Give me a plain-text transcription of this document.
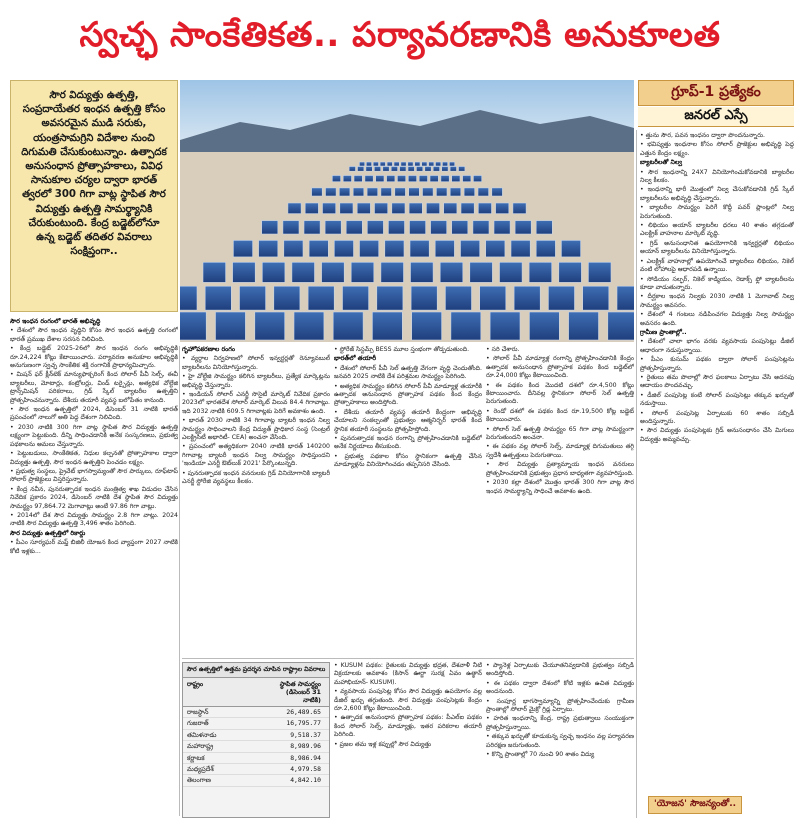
స్వచ్ఛ సాంకేతికత.. పర్యావరణానికి అనుకూలత
సౌర విద్యుత్తు ఉత్పత్తి, సంప్రదాయేతర ఇంధన ఉత్పత్తి కోసం అవసరమైన ముడి సరుకు, యంత్రసామగ్రిని విదేశాల నుంచి దిగుమతి చేసుకుంటున్నాం. ఉత్పాదక అనుసంధాన ప్రోత్సాహకాలు, వివిధ సానుకూల చర్యల ద్వారా భారత్‌ త్వరలో 300 గిగా వాట్ల స్థాపిత సౌర విద్యుత్తు ఉత్పత్తి సామర్థ్యానికి చేరుకుంటుంది. కేంద్ర బడ్జెట్‌లోనూ ఉన్న బడ్జెట్‌ తదితర వివరాలు సంక్షిప్తంగా..
గ్రూప్‌-1 ప్రత్యేకం
జనరల్‌ ఎస్సే

సౌర ఇంధన రంగంలో భారత్‌ అభివృద్ధి

• దేశంలో సౌర ఇంధన వృద్ధిని కోసం సౌర ఇంధన ఉత్పత్తి రంగంలో భారత్‌ ప్రముఖ దేశాల సరసన నిలిచింది.

• కేంద్ర బడ్జెట్‌ 2025-26లో సౌర ఇంధన రంగం అభివృద్ధికి రూ.24,224 కోట్లు కేటాయించారు. పర్యావరణ అనుకూల అభివృద్ధికి అనుగుణంగా స్వచ్ఛ సాంకేతిక శక్తి రంగానికి ప్రాధాన్యమిచ్చారు.

• మిషన్‌ ఫర్‌ క్లీన్‌టెక్‌ మాన్యుఫాక్చరింగ్‌ కింద సోలార్‌ పీవీ సెల్స్‌, ఈవీ బ్యాటరీలు, మోటార్లు, కంట్రోలర్లు, విండ్‌ టర్బైన్లు, అత్యధిక వోల్టేజి ట్రాన్స్‌మిషన్‌ పరికరాలు, గ్రిడ్‌ స్కేల్‌ బ్యాటరీల ఉత్పత్తిని ప్రోత్సహించనున్నారు. దేశీయ తయారీ వ్యవస్థ బలోపేతం కానుంది.

• సౌర ఇంధన ఉత్పత్తిలో 2024, డిసెంబర్‌ 31 నాటికి భారత్‌ ప్రపంచంలో నాలుగో అతి పెద్ద దేశంగా నిలిచింది.

• 2030 నాటికి 300 గిగా వాట్ల స్థాపిత సౌర విద్యుత్తు ఉత్పత్తి లక్ష్యంగా పెట్టుకుంది. దీన్ని సాధించడానికి అనేక సంస్కరణలు, ప్రభుత్వ పథకాలను అమలు చేస్తున్నారు.

• పెట్టుబడులు, సాంకేతికత, నిధుల కల్పనతో ప్రోత్సాహకాల ద్వారా విద్యుత్తు ఉత్పత్తి, సౌర ఇంధన ఉత్పత్తిని పెంచడం లక్ష్యం.

• ప్రభుత్వ సంస్థలు, ప్రైవేట్‌ భాగస్వామ్యంతో సౌర పార్కులు, రూఫ్‌టాప్‌ సోలార్‌ ప్రాజెక్టులు విస్తరిస్తున్నారు.

• కేంద్ర నవీన, పునరుత్పాదక ఇంధన మంత్రిత్వ శాఖ విడుదల చేసిన నివేదిక ప్రకారం 2024, డిసెంబర్‌ నాటికి దేశ స్థాపిత సౌర విద్యుత్తు సామర్థ్యం 97,864.72 మెగావాట్లు అంటే 97.86 గిగా వాట్లు.

• 2014లో దేశ సౌర విద్యుత్తు సామర్థ్యం 2.8 గిగా వాట్లు. 2024 నాటికి సౌర విద్యుత్తు ఉత్పత్తి 3,496 శాతం పెరిగింది.

సౌర విద్యుత్తు ఉత్పత్తిలో రికార్డు

• పీఎం సూర్యఘర్‌ మఫ్త్‌ బిజిలీ యోజన కింద వ్యాప్తంగా 2027 నాటికి కోటి ఇళ్లకు...

గృహోపకరణాల రంగం

• వ్యర్థాల నిర్వహణలో సోలార్‌ ఇన్వర్టర్లతో రెన్యూవబుల్‌ బ్యాటరీలను వినియోగిస్తున్నారు.

• హై వోల్టేజి సామర్థ్యం కలిగిన బ్యాటరీలు, ప్రత్యేక మార్కెట్లను అభివృద్ధి చేస్తున్నారు.

• ఇండియన్‌ సోలార్‌ ఎనర్జీ సొసైటీ మార్కెట్‌ నివేదిక ప్రకారం 2023లో భారతదేశ సోలార్‌ మార్కెట్‌ విలువ 84.4 గిగావాట్లు. ఇది 2032 నాటికి 609.5 గిగావాట్లకు పెరిగే అవకాశం ఉంది.

• భారత్‌ 2030 నాటికి 34 గిగావాట్ల బ్యాటరీ ఇంధన నిల్వ సామర్థ్యం సాధించాలని కేంద్ర విద్యుత్‌ ప్రాధికార సంస్థ (సెంట్రల్‌ ఎలక్ట్రిసిటీ అథారిటీ- CEA) అంచనా వేసింది.

• ప్రపంచంలో అత్యధికంగా 2040 నాటికి భారత్‌ 140200 గిగావాట్ల బ్యాటరీ ఇంధన నిల్వ సామర్థ్యం సాధిస్తుందని 'ఇండియా ఎనర్జీ ఔట్‌లుక్‌ 2021' పేర్కొంటున్నది.

• పునరుత్పాదక ఇంధన వనరులకు గ్రిడ్‌ వినియోగానికి బ్యాటరీ ఎనర్జీ స్టోరేజి వ్యవస్థలు కీలకం.

• స్టోరేజ్‌ సిస్టమ్స్‌ BESS మూల స్తంభంగా తోడ్పడుతుంది.

భారత్‌లో తయారీ

• దేశంలో సోలార్‌ పీవీ సెల్‌ ఉత్పత్తి వేగంగా వృద్ధి చెందుతోంది. జనవరి 2025 నాటికి దేశ పరిశ్రమల సామర్థ్యం పెరిగింది.

• అత్యధిక సామర్థ్యం కలిగిన సోలార్‌ పీవీ మాడ్యూళ్ల తయారీకి ఉత్పాదక అనుసంధాన ప్రోత్సాహక పథకం కింద కేంద్రం ప్రోత్సాహకాలు అందిస్తోంది.

• దేశీయ తయారీ వ్యవస్థ తయారీ కేంద్రంగా అభివృద్ధి చేయాలని సంకల్పంతో ప్రభుత్వం ఆత్మనిర్భర్‌ భారత్‌ కింద స్థానిక తయారీ సంస్థలను ప్రోత్సహిస్తోంది.

• పునరుత్పాదక ఇంధన రంగాన్ని ప్రోత్సహించడానికి బడ్జెట్‌లో అనేక నిర్ణయాలు తీసుకుంది.

• ప్రభుత్వ పథకాల కోసం స్థానికంగా ఉత్పత్తి చేసిన మాడ్యూళ్లను వినియోగించడం తప్పనిసరి చేసింది.

• సరి చేశారు.

• సోలార్‌ పీవీ మాడ్యూళ్ల రంగాన్ని ప్రోత్సహించడానికి కేంద్రం ఉత్పాదక అనుసంధాన ప్రోత్సాహక పథకం కింద బడ్జెట్‌లో రూ.24,000 కోట్లు కేటాయించింది.

• ఈ పథకం కింద మొదటి దశలో రూ.4,500 కోట్లు కేటాయించారు. దీనివల్ల స్థానికంగా సోలార్‌ సెల్‌ ఉత్పత్తి పెరుగుతుంది.

• రెండో దశలో ఈ పథకం కింద రూ.19,500 కోట్ల బడ్జెట్‌ కేటాయించారు.

• సోలార్‌ సెల్‌ ఉత్పత్తి సామర్థ్యం 65 గిగా వాట్ల సామర్థ్యంగా పెరుగుతుందని అంచనా.

• ఈ పథకం వల్ల సోలార్‌ సెల్స్‌, మాడ్యూళ్ల దిగుమతులు తగ్గి స్వదేశీ ఉత్పత్తులు పెరుగుతాయి.

• సౌర విద్యుత్తు ప్రత్యామ్నాయ ఇంధన వనరులు ప్రోత్సహించడానికి ప్రభుత్వం ప్రధాన బాధ్యతగా వ్యవహరిస్తుంది.

• 2030 కల్లా దేశంలో మొత్తం భారత్‌ 300 గిగా వాట్ల సౌర ఇంధన సామర్థ్యాన్ని సాధించే అవకాశం ఉంది.

సౌర ఉత్పత్తిలో ఉత్తమ ప్రదర్శన చూపిన రాష్ట్రాల వివరాలు
రాష్ట్రం	స్థాపిత సామర్థ్యం (డిసెంబర్‌ 31 నాటికి)
రాజస్థాన్‌	26,489.65
గుజరాత్‌	16,795.77
తమిళనాడు	9,518.37
మహారాష్ట్ర	8,989.96
కర్ణాటక	8,986.94
మధ్యప్రదేశ్‌	4,979.58
తెలంగాణ	4,842.10

• KUSUM పథకం: రైతులకు విద్యుత్తు భద్రత, దేశవాళీ నీటి విక్రయాలకు అవకాశం (కిసాన్‌ ఊర్జా సురక్ష ఏవం ఉత్థాన్‌ మహాభియాన్‌- KUSUM).

• వ్యవసాయ పంపుసెట్ల కోసం సౌర విద్యుత్తు ఉపయోగం వల్ల డీజిల్‌ ఖర్చు తగ్గుతుంది. సౌర విద్యుత్తు పంపుసెట్లకు కేంద్రం రూ.2,600 కోట్లు కేటాయించింది.

• ఉత్పాదక అనుసంధాన ప్రోత్సాహక పథకం: పీఎల్‌ఐ పథకం కింద సోలార్‌ సెల్స్‌, మాడ్యూళ్లు, ఇతర పరికరాల తయారీ పెరిగింది.

• ప్రజల తమ ఇళ్ల కప్పుల్లో సౌర విద్యుత్తు

• ప్యానెళ్ల ఏర్పాటుకు చేయూతనివ్వడానికి ప్రభుత్వం సబ్సిడీ అందిస్తోంది.

• ఈ పథకం ద్వారా దేశంలో కోటి ఇళ్లకు ఉచిత విద్యుత్తు అందనుంది.

• సంపూర్ణ భాగస్వామ్యాన్ని ప్రోత్సహించేందుకు గ్రామీణ ప్రాంతాల్లో సోలార్‌ మైక్రో గ్రిడ్ల ఏర్పాటు.

• హరిత ఇంధనాన్ని కేంద్ర, రాష్ట్ర ప్రభుత్వాలు సంయుక్తంగా ప్రోత్సహిస్తున్నాయి.

• తక్కువ ఖర్చుతో కూడుకున్న స్వచ్ఛ ఇంధనం వల్ల పర్యావరణ పరిరక్షణ జరుగుతుంది.

• కొన్ని ప్రాంతాల్లో 70 నుంచి 90 శాతం విద్యు

• త్తును సౌర, పవన ఇంధనం ద్వారా పొందనున్నారు.

• భవిష్యత్తు ఇంధనాల కోసం సోలార్‌ ప్రాజెక్టుల అభివృద్ధి పెద్ద ఎత్తున కేంద్రం లక్ష్యం.

బ్యాటరీలతో నిల్వ

• సౌర ఇంధనాన్ని 24X7 వినియోగించుకోవడానికి బ్యాటరీల నిల్వ కీలకం.

• ఇంధనాన్ని భారీ మొత్తంలో నిల్వ చేసుకోవడానికి గ్రిడ్‌ స్కేల్‌ బ్యాటరీలను అభివృద్ధి చేస్తున్నారు.

• బ్యాటరీల సామర్థ్యం పెరిగే కొద్దీ పవర్‌ ప్లాంట్లలో నిల్వ పెరుగుతుంది.

• లిథియం అయాన్‌ బ్యాటరీల ధరలు 40 శాతం తగ్గడంతో ఎలక్ట్రిక్‌ వాహనాల మార్కెట్‌ వృద్ధి.

• గ్రిడ్‌ అనుసంధానిత ఉపయోగానికి ఇన్వర్టర్లతో లిథియం అయాన్‌ బ్యాటరీలను వినియోగిస్తున్నారు.

• ఎలక్ట్రిక్‌ వాహనాల్లో ఉపయోగించే బ్యాటరీలు లిథియం, నికెల్‌ వంటి లోహాలపై ఆధారపడి ఉన్నాయి.

• సోడియం సల్ఫర్‌, నికెల్‌ కాడ్మియం, రెడాక్స్‌ ఫ్లో బ్యాటరీలను కూడా వాడుతున్నారు.

• దీర్ఘకాల ఇంధన నిల్వకు 2030 నాటికి 1 మెగావాట్‌ నిల్వ సామర్థ్యం అవసరం.

• దేశంలో 4 గంటలు నడిపించగల విద్యుత్తు నిల్వ సామర్థ్యం అవసరం ఉంది.

గ్రామీణ ప్రాంతాల్లో..

• దేశంలో చాలా భాగం వరకు వ్యవసాయ పంపుసెట్లు డీజిల్‌ ఆధారంగా నడుస్తున్నాయి.

• పీఎం కుసుమ్‌ పథకం ద్వారా సోలార్‌ పంపుసెట్లను ప్రోత్సహిస్తున్నారు.

• రైతులు తమ పొలాల్లో సౌర ఫలకాలు ఏర్పాటు చేసి అదనపు ఆదాయం పొందవచ్చు.

• డీజిల్‌ పంపుసెట్ల కంటే సోలార్‌ పంపుసెట్లు తక్కువ ఖర్చుతో నడుస్తాయి.

• సోలార్‌ పంపుసెట్ల ఏర్పాటుకు 60 శాతం సబ్సిడీ అందిస్తున్నారు.

• సౌర విద్యుత్తు పంపుసెట్లకు గ్రిడ్‌ అనుసంధానం చేసి మిగులు విద్యుత్తు అమ్మవచ్చు.

'యోజన' సౌజన్యంతో..
